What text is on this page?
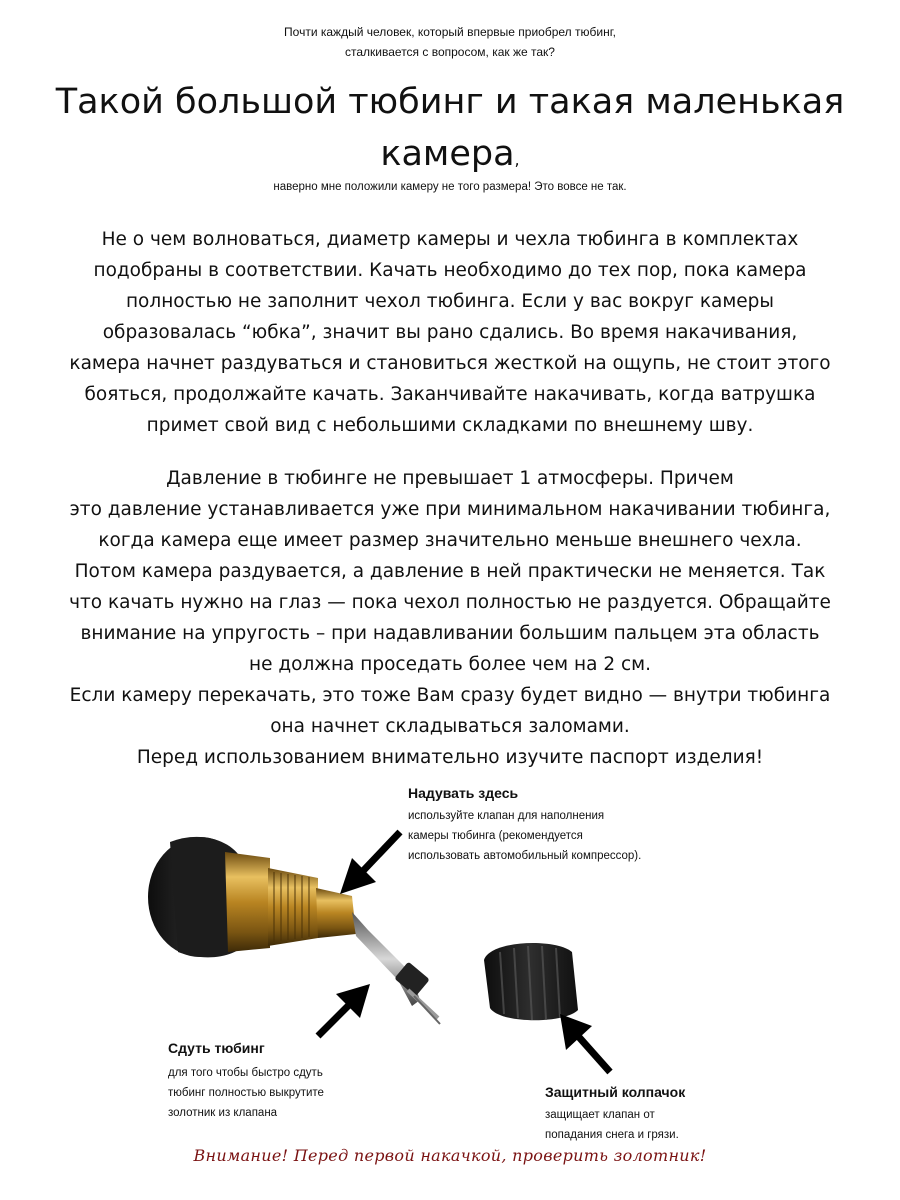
Почти каждый человек, который впервые приобрел тюбинг,
сталкивается с вопросом, как же так?
Такой большой тюбинг и такая маленькая
камера,
наверно мне положили камеру не того размера! Это вовсе не так.

Не о чем волноваться, диаметр камеры и чехла тюбинга в комплектах

подобраны в соответствии. Качать необходимо до тех пор, пока камера

полностью не заполнит чехол тюбинга. Если у вас вокруг камеры

образовалась “юбка”, значит вы рано сдались. Во время накачивания,

камера начнет раздуваться и становиться жесткой на ощупь, не стоит этого

бояться, продолжайте качать. Заканчивайте накачивать, когда ватрушка

примет свой вид с небольшими складками по внешнему шву.

Давление в тюбинге не превышает 1 атмосферы. Причем

это давление устанавливается уже при минимальном накачивании тюбинга,

когда камера еще имеет размер значительно меньше внешнего чехла.

Потом камера раздувается, а давление в ней практически не меняется. Так

что качать нужно на глаз — пока чехол полностью не раздуется. Обращайте

внимание на упругость – при надавливании большим пальцем эта область

не должна проседать более чем на 2 см.

Если камеру перекачать, это тоже Вам сразу будет видно — внутри тюбинга

она начнет складываться заломами.

Перед использованием внимательно изучите паспорт изделия!

Надувать здесь
используйте клапан для наполнения
камеры тюбинга (рекомендуется
использовать автомобильный компрессор).
Сдуть тюбинг
для того чтобы быстро сдуть
тюбинг полностью выкрутите
золотник из клапана
Защитный колпачок
защищает клапан от
попадания снега и грязи.
Внимание! Перед первой накачкой, проверить золотник!
